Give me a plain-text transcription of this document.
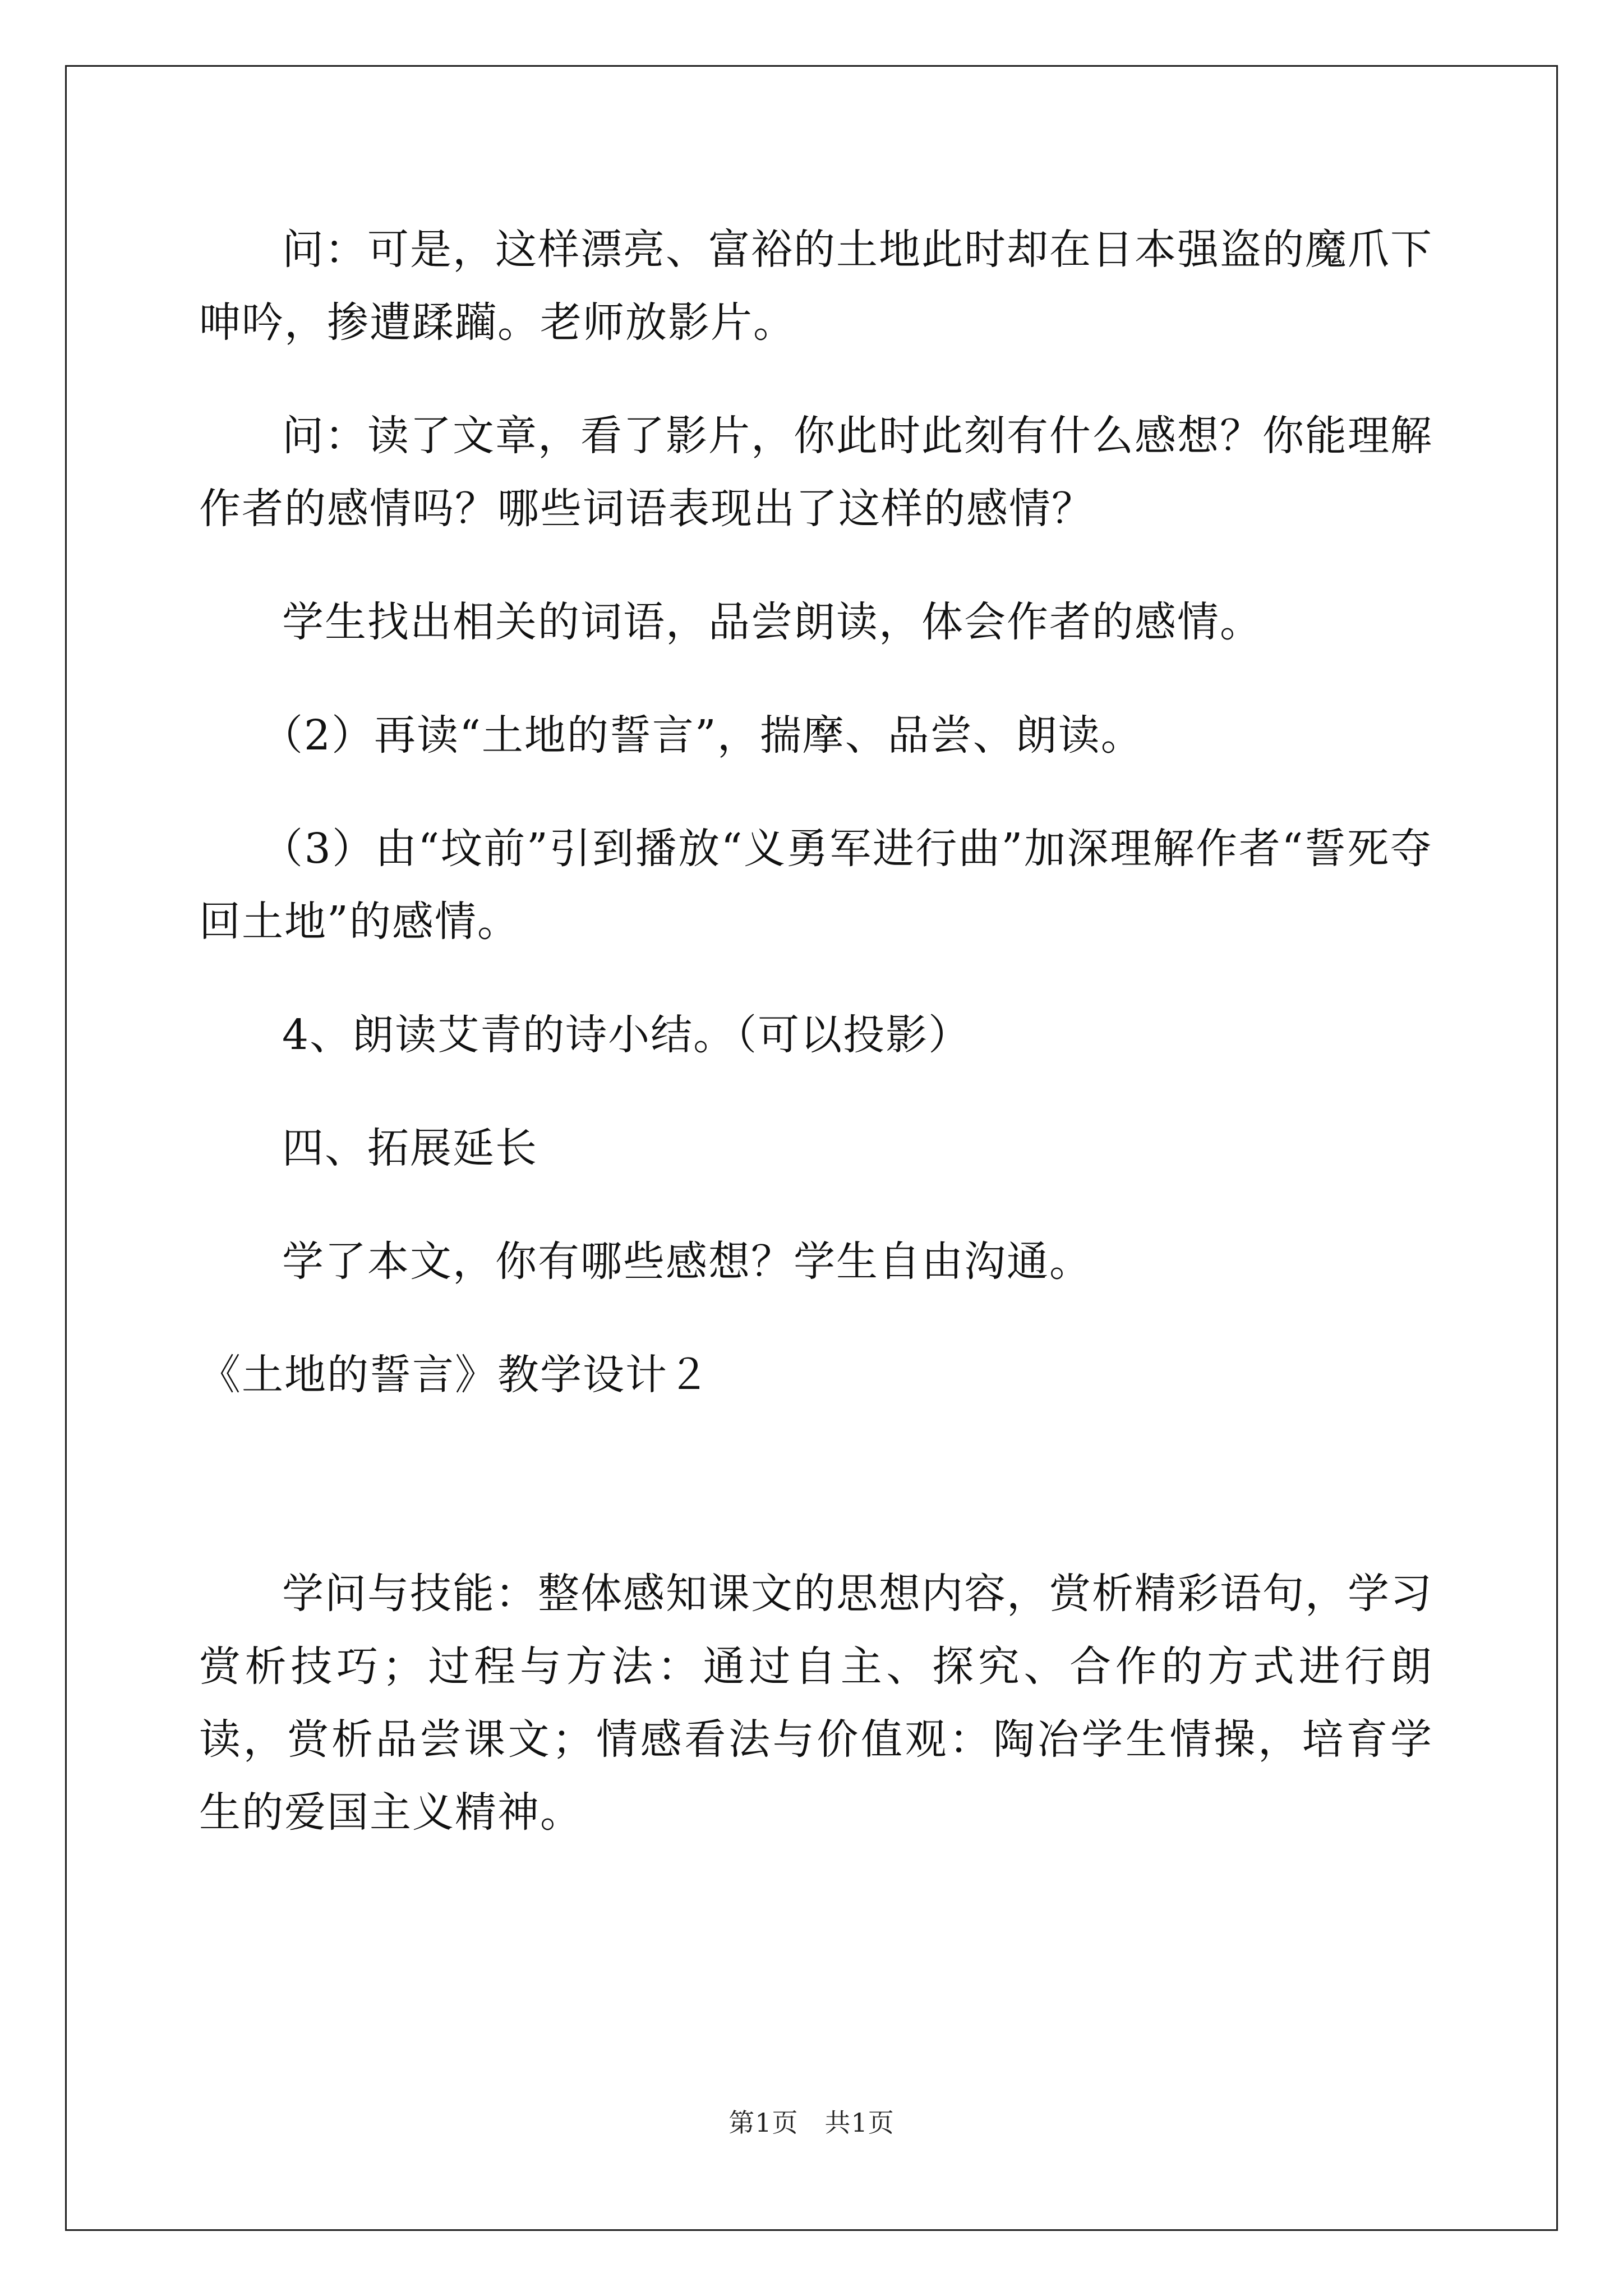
问：可是，这样漂亮、富裕的土地此时却在日本强盗的魔爪下呻吟，掺遭蹂躏。老师放影片。

问：读了文章，看了影片，你此时此刻有什么感想？你能理解作者的感情吗？哪些词语表现出了这样的感情？

学生找出相关的词语，品尝朗读，体会作者的感情。

（2）再读“土地的誓言”，揣摩、品尝、朗读。

（3）由“坟前”引到播放“义勇军进行曲”加深理解作者“誓死夺回土地”的感情。

4、朗读艾青的诗小结。（可以投影）

四、拓展延长

学了本文，你有哪些感想？学生自由沟通。

《土地的誓言》教学设计２

学问与技能：整体感知课文的思想内容，赏析精彩语句，学习赏析技巧；过程与方法：通过自主、探究、合作的方式进行朗读，赏析品尝课文；情感看法与价值观：陶冶学生情操，培育学生的爱国主义精神。

第1页　共1页
